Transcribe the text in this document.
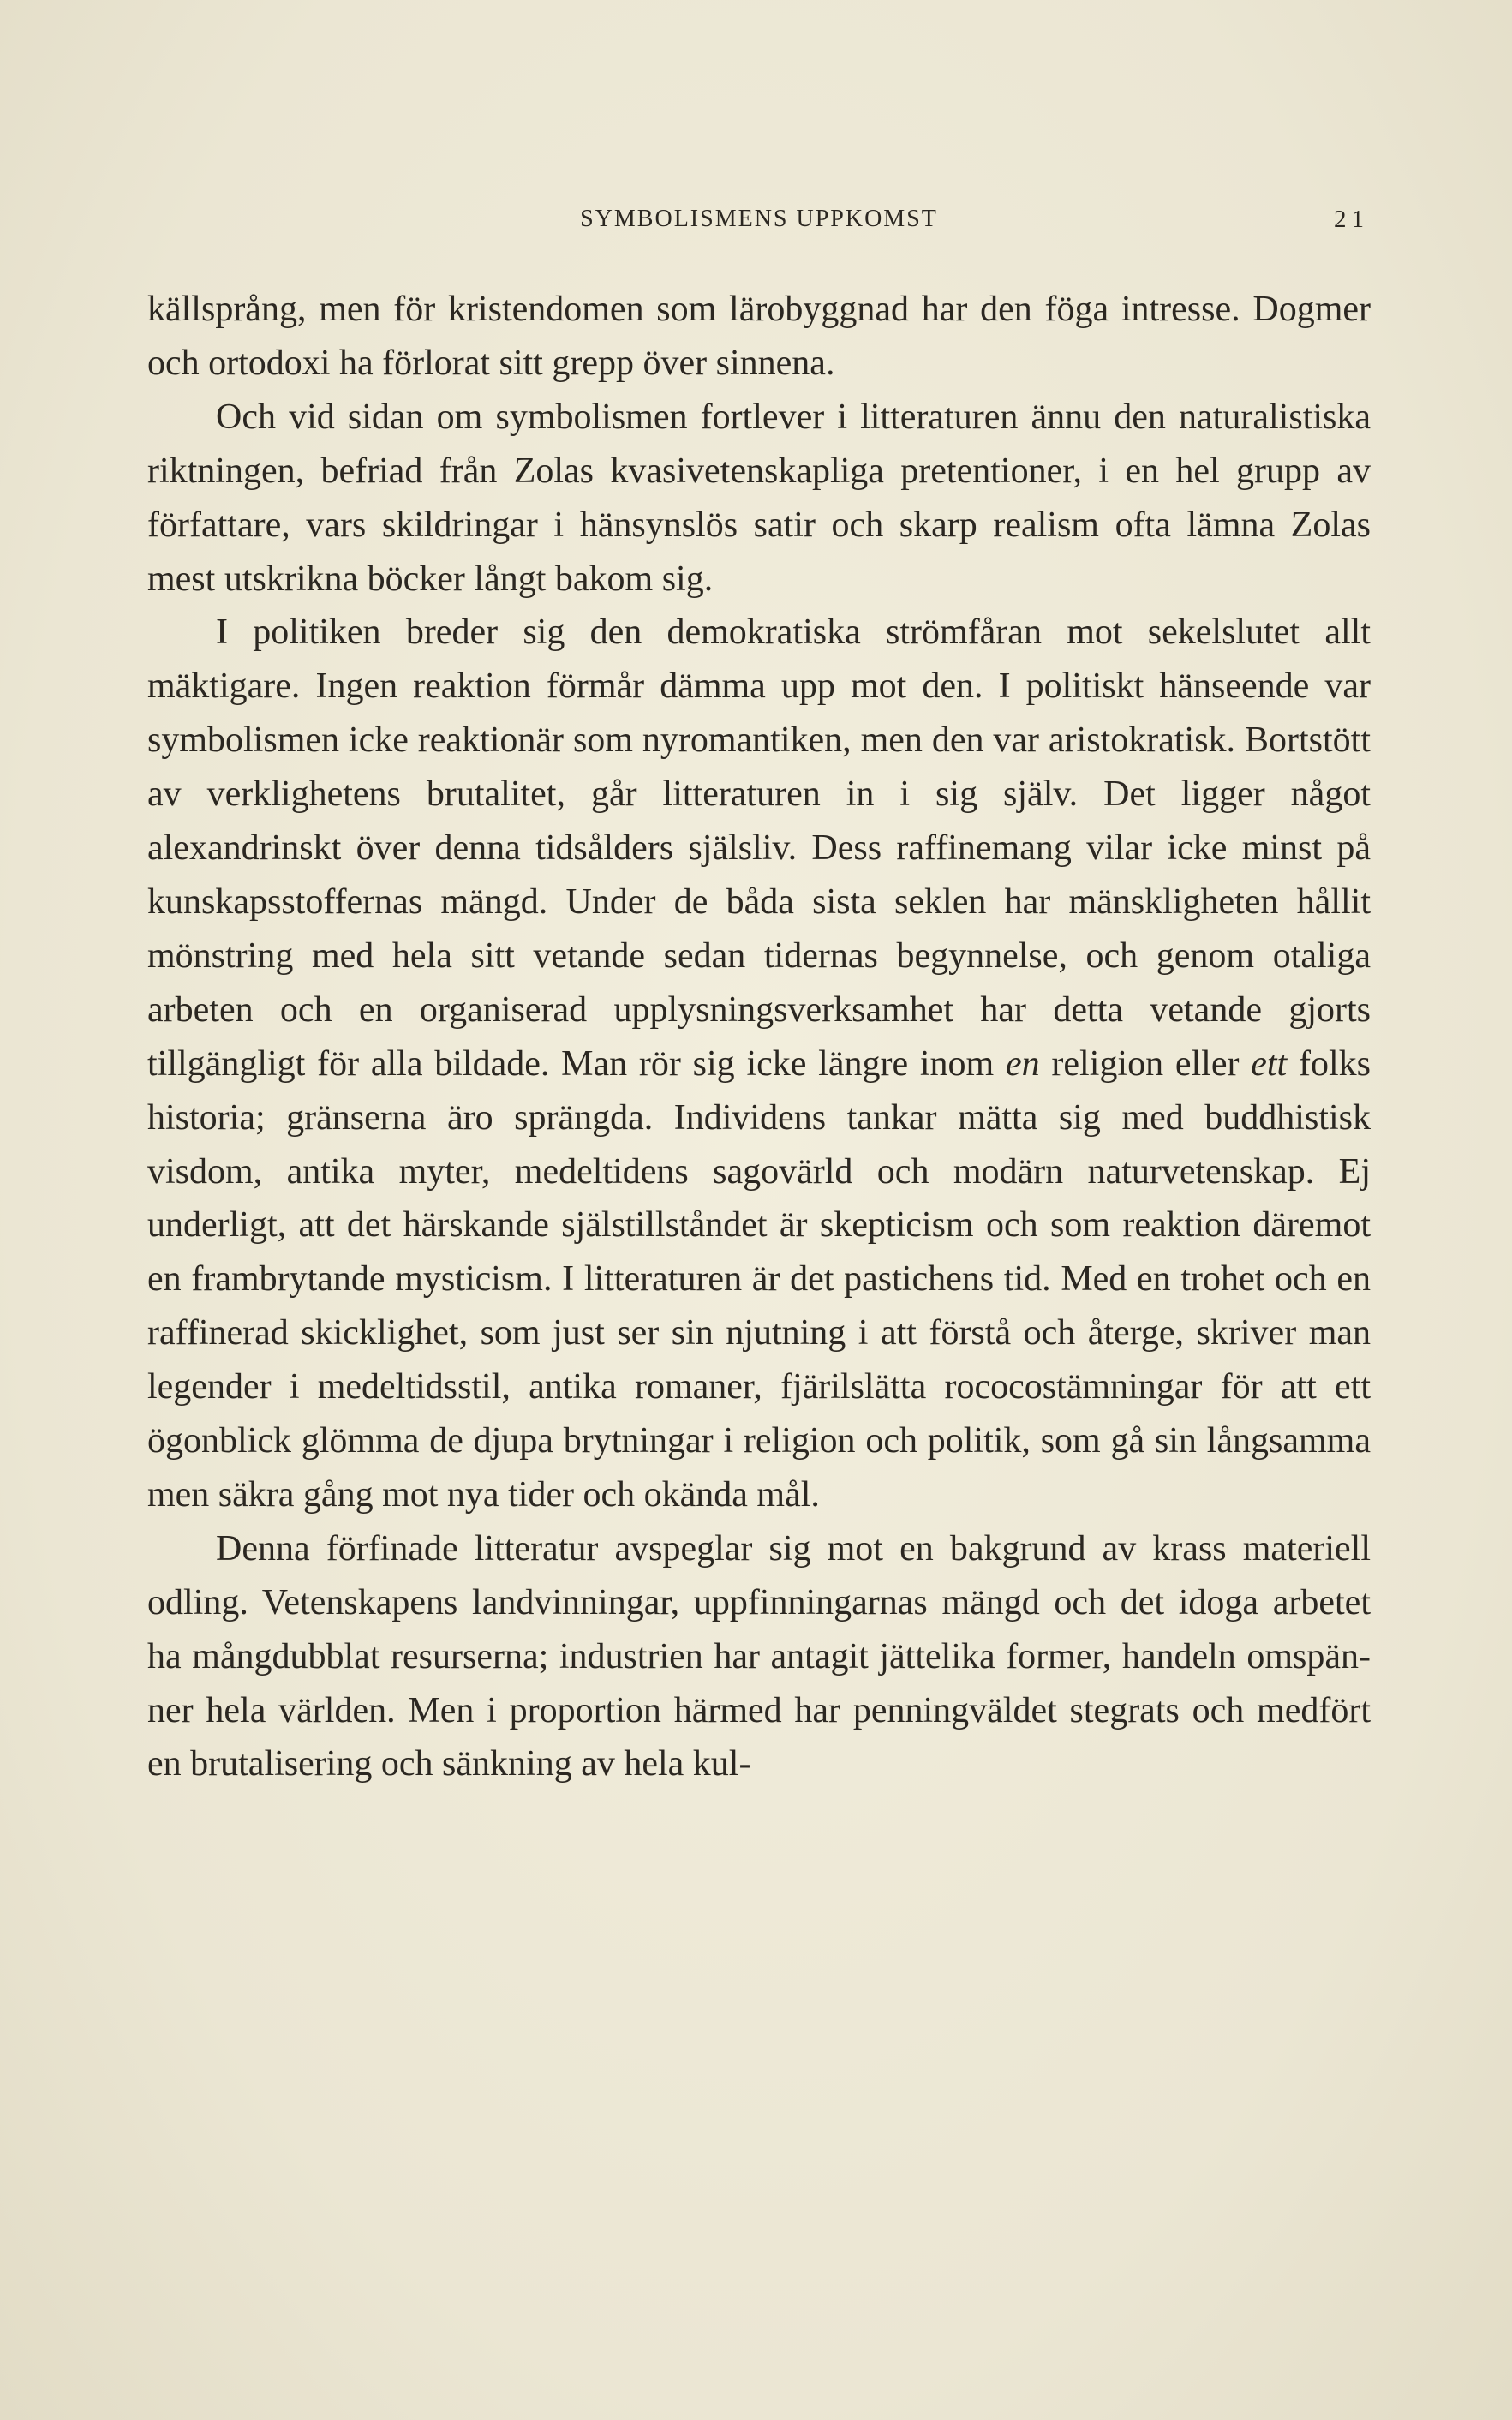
SYMBOLISMENS UPPKOMST	21

källsprång, men för kristendomen som lärobyggnad har den föga intresse. Dogmer och ortodoxi ha förlorat sitt grepp över sinnena.

Och vid sidan om symbolismen fortlever i litteraturen ännu den naturalistiska riktningen, befriad från Zolas kvasivetenskapliga pretentioner, i en hel grupp av författare, vars skildringar i hänsynslös satir och skarp realism ofta lämna Zolas mest utskrikna böcker långt bakom sig.

I politiken breder sig den demokratiska strömfåran mot sekelslutet allt mäktigare. Ingen reaktion förmår dämma upp mot den. I politiskt hänseende var symbolismen icke reaktionär som nyromantiken, men den var aristokratisk. Bortstött av verklighetens brutalitet, går litteraturen in i sig själv. Det ligger något alexandrinskt över denna tidsålders själsliv. Dess raffinemang vilar icke minst på kunskapsstoffernas mängd. Under de båda sista seklen har mänskligheten hållit mönstring med hela sitt vetande sedan tidernas begynnelse, och genom otaliga arbeten och en organiserad upplysningsverksamhet har detta vetande gjorts tillgängligt för alla bildade. Man rör sig icke längre inom en religion eller ett folks historia; gränserna äro sprängda. Individens tankar mätta sig med buddhistisk visdom, antika myter, medeltidens sagovärld och modärn naturvetenskap. Ej underligt, att det härskande själstillståndet är skepticism och som reaktion däremot en frambrytande mysticism. I litteraturen är det pastichens tid. Med en trohet och en raffinerad skicklighet, som just ser sin njutning i att förstå och återge, skriver man legender i medeltidsstil, antika romaner, fjärilslätta rococostämningar för att ett ögonblick glömma de djupa brytningar i religion och politik, som gå sin långsamma men säkra gång mot nya tider och okända mål.

Denna förfinade litteratur avspeglar sig mot en bakgrund av krass materiell odling. Vetenskapens landvinningar, uppfinningarnas mängd och det idoga arbetet ha mångdubblat resurserna; industrien har antagit jättelika former, handeln omspänner hela världen. Men i proportion härmed har penningväldet stegrats och medfört en brutalisering och sänkning av hela kul-
